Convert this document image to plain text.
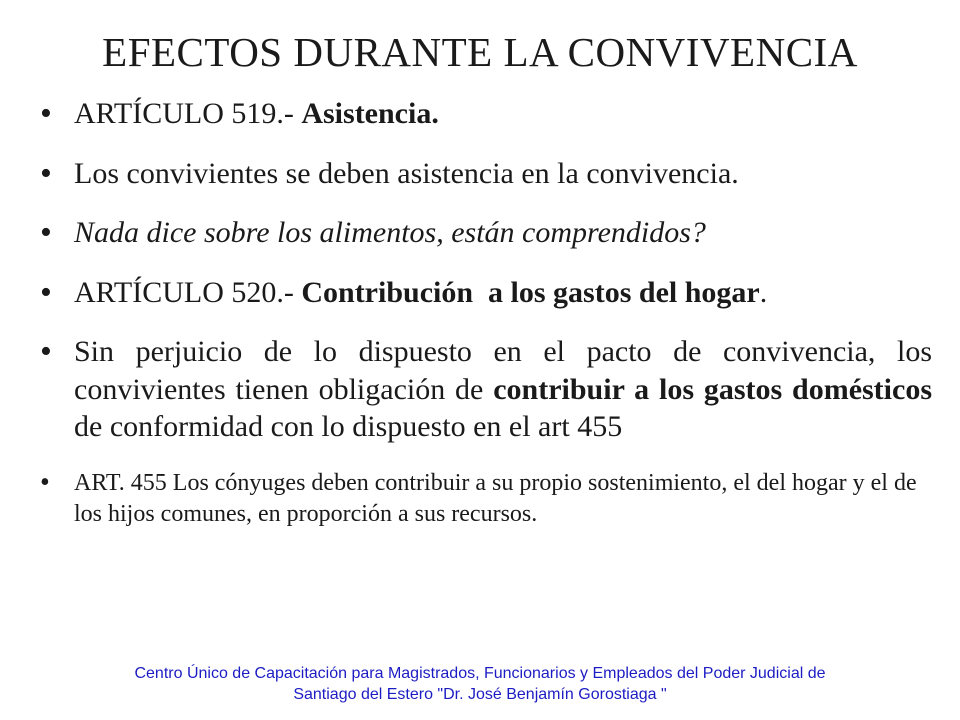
EFECTOS DURANTE LA CONVIVENCIA
• ARTÍCULO 519.- Asistencia.
• Los convivientes se deben asistencia en la convivencia.
• Nada dice sobre los alimentos, están comprendidos?
• ARTÍCULO 520.- Contribución  a los gastos del hogar.
• Sin perjuicio de lo dispuesto en el pacto de convivencia, los convivientes tienen obligación de contribuir a los gastos domésticos de conformidad con lo dispuesto en el art 455
• ART. 455 Los cónyuges deben contribuir a su propio sostenimiento, el del hogar y el de los hijos comunes, en proporción a sus recursos.
Centro Único de Capacitación para Magistrados, Funcionarios y Empleados del Poder Judicial de
Santiago del Estero "Dr. José Benjamín Gorostiaga "
